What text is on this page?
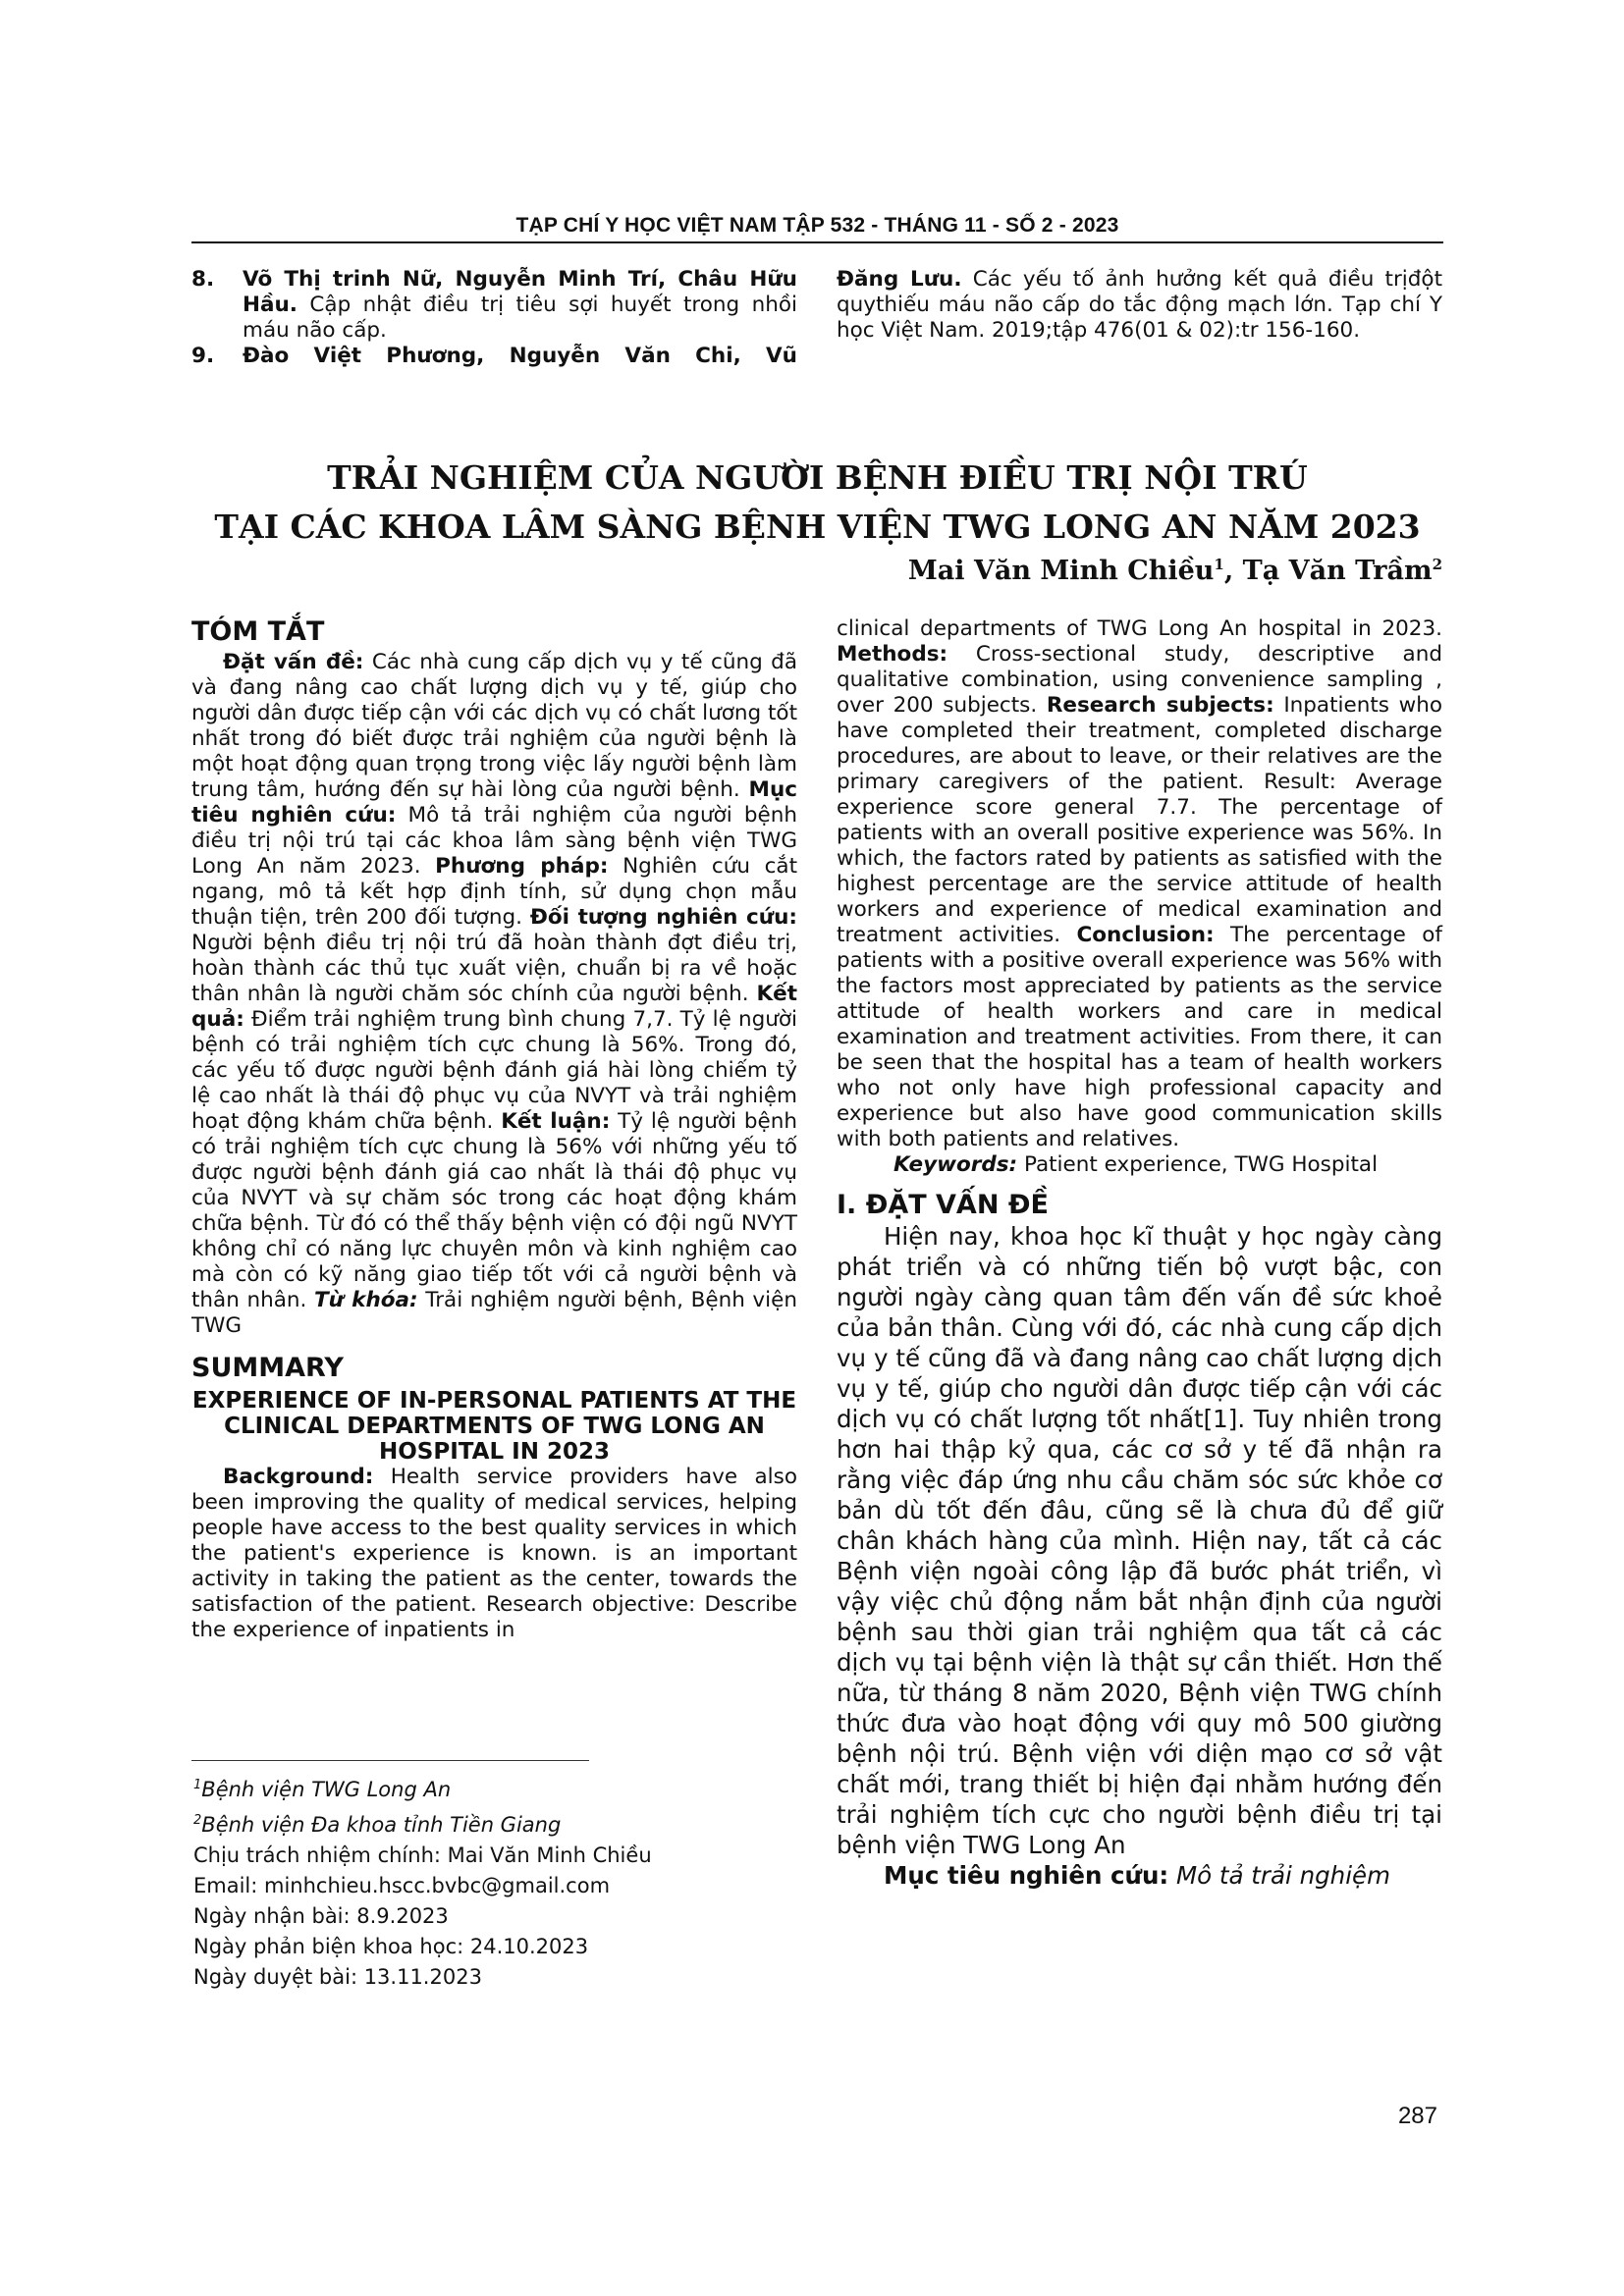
TẠP CHÍ Y HỌC VIỆT NAM TẬP 532 - THÁNG 11 - SỐ 2 - 2023
8. Võ Thị trinh Nữ, Nguyễn Minh Trí, Châu Hữu Hầu. Cập nhật điều trị tiêu sợi huyết trong nhồi máu não cấp.
9. Đào Việt Phương, Nguyễn Văn Chi, Vũ

Đăng Lưu. Các yếu tố ảnh hưởng kết quả điều trịđột quythiếu máu não cấp do tắc động mạch lớn. Tạp chí Y học Việt Nam. 2019;tập 476(01 & 02):tr 156-160.

TRẢI NGHIỆM CỦA NGƯỜI BỆNH ĐIỀU TRỊ NỘI TRÚ
TẠI CÁC KHOA LÂM SÀNG BỆNH VIỆN TWG LONG AN NĂM 2023
Mai Văn Minh Chiều$^1$, Tạ Văn Trầm$^2$
TÓM TẮT

Đặt vấn đề: Các nhà cung cấp dịch vụ y tế cũng đã và đang nâng cao chất lượng dịch vụ y tế, giúp cho người dân được tiếp cận với các dịch vụ có chất lương tốt nhất trong đó biết được trải nghiệm của người bệnh là một hoạt động quan trọng trong việc lấy người bệnh làm trung tâm, hướng đến sự hài lòng của người bệnh. Mục tiêu nghiên cứu: Mô tả trải nghiệm của người bệnh điều trị nội trú tại các khoa lâm sàng bệnh viện TWG Long An năm 2023. Phương pháp: Nghiên cứu cắt ngang, mô tả kết hợp định tính, sử dụng chọn mẫu thuận tiện, trên 200 đối tượng. Đối tượng nghiên cứu: Người bệnh điều trị nội trú đã hoàn thành đợt điều trị, hoàn thành các thủ tục xuất viện, chuẩn bị ra về hoặc thân nhân là người chăm sóc chính của người bệnh. Kết quả: Điểm trải nghiệm trung bình chung 7,7. Tỷ lệ người bệnh có trải nghiệm tích cực chung là 56%. Trong đó, các yếu tố được người bệnh đánh giá hài lòng chiếm tỷ lệ cao nhất là thái độ phục vụ của NVYT và trải nghiệm hoạt động khám chữa bệnh. Kết luận: Tỷ lệ người bệnh có trải nghiệm tích cực chung là 56% với những yếu tố được người bệnh đánh giá cao nhất là thái độ phục vụ của NVYT và sự chăm sóc trong các hoạt động khám chữa bệnh. Từ đó có thể thấy bệnh viện có đội ngũ NVYT không chỉ có năng lực chuyên môn và kinh nghiệm cao mà còn có kỹ năng giao tiếp tốt với cả người bệnh và thân nhân. Từ khóa: Trải nghiệm người bệnh, Bệnh viện TWG

SUMMARY
EXPERIENCE OF IN-PERSONAL PATIENTS AT THE CLINICAL DEPARTMENTS OF TWG LONG AN HOSPITAL IN 2023

Background: Health service providers have also been improving the quality of medical services, helping people have access to the best quality services in which the patient's experience is known. is an important activity in taking the patient as the center, towards the satisfaction of the patient. Research objective: Describe the experience of inpatients in

clinical departments of TWG Long An hospital in 2023. Methods: Cross-sectional study, descriptive and qualitative combination, using convenience sampling , over 200 subjects. Research subjects: Inpatients who have completed their treatment, completed discharge procedures, are about to leave, or their relatives are the primary caregivers of the patient. Result: Average experience score general 7.7. The percentage of patients with an overall positive experience was 56%. In which, the factors rated by patients as satisfied with the highest percentage are the service attitude of health workers and experience of medical examination and treatment activities. Conclusion: The percentage of patients with a positive overall experience was 56% with the factors most appreciated by patients as the service attitude of health workers and care in medical examination and treatment activities. From there, it can be seen that the hospital has a team of health workers who not only have high professional capacity and experience but also have good communication skills with both patients and relatives.

Keywords: Patient experience, TWG Hospital

I. ĐẶT VẤN ĐỀ

Hiện nay, khoa học kĩ thuật y học ngày càng phát triển và có những tiến bộ vượt bậc, con người ngày càng quan tâm đến vấn đề sức khoẻ của bản thân. Cùng với đó, các nhà cung cấp dịch vụ y tế cũng đã và đang nâng cao chất lượng dịch vụ y tế, giúp cho người dân được tiếp cận với các dịch vụ có chất lượng tốt nhất[1]. Tuy nhiên trong hơn hai thập kỷ qua, các cơ sở y tế đã nhận ra rằng việc đáp ứng nhu cầu chăm sóc sức khỏe cơ bản dù tốt đến đâu, cũng sẽ là chưa đủ để giữ chân khách hàng của mình. Hiện nay, tất cả các Bệnh viện ngoài công lập đã bước phát triển, vì vậy việc chủ động nắm bắt nhận định của người bệnh sau thời gian trải nghiệm qua tất cả các dịch vụ tại bệnh viện là thật sự cần thiết. Hơn thế nữa, từ tháng 8 năm 2020, Bệnh viện TWG chính thức đưa vào hoạt động với quy mô 500 giường bệnh nội trú. Bệnh viện với diện mạo cơ sở vật chất mới, trang thiết bị hiện đại nhằm hướng đến trải nghiệm tích cực cho người bệnh điều trị tại bệnh viện TWG Long An

Mục tiêu nghiên cứu: Mô tả trải nghiệm

$^1$Bệnh viện TWG Long An
$^2$Bệnh viện Đa khoa tỉnh Tiền Giang
Chịu trách nhiệm chính: Mai Văn Minh Chiều
Email: minhchieu.hscc.bvbc@gmail.com
Ngày nhận bài: 8.9.2023
Ngày phản biện khoa học: 24.10.2023
Ngày duyệt bài: 13.11.2023
287
